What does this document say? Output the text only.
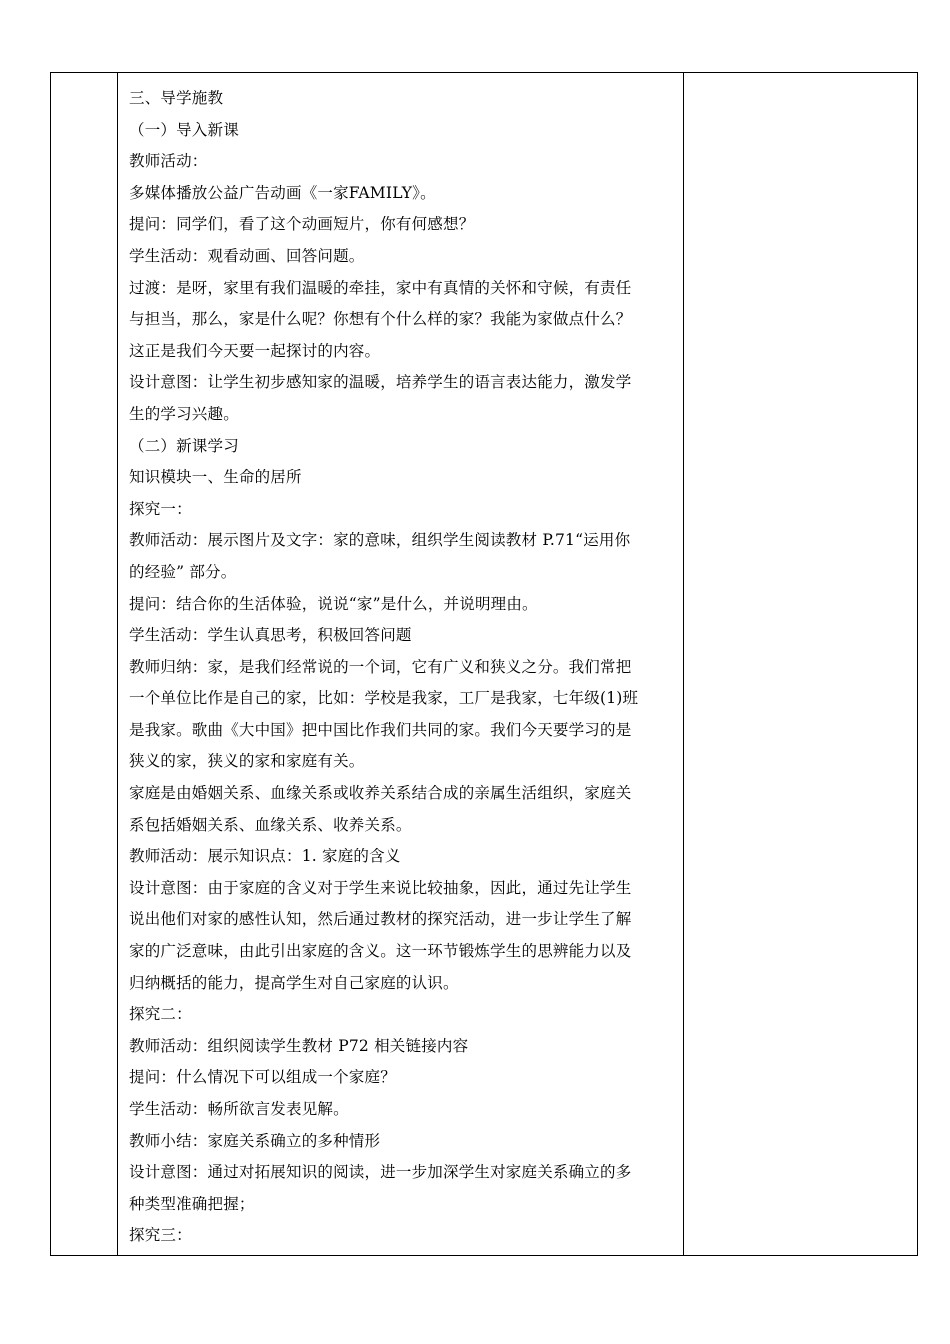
三、导学施教

（一）导入新课

教师活动：

多媒体播放公益广告动画《一家FAMILY》。

提问：同学们，看了这个动画短片，你有何感想？

学生活动：观看动画、回答问题。

过渡：是呀，家里有我们温暖的牵挂，家中有真情的关怀和守候，有责任

与担当，那么，家是什么呢？你想有个什么样的家？我能为家做点什么？

这正是我们今天要一起探讨的内容。

设计意图：让学生初步感知家的温暖，培养学生的语言表达能力，激发学

生的学习兴趣。

（二）新课学习

知识模块一、生命的居所

探究一：

教师活动：展示图片及文字：家的意味，组织学生阅读教材 P.71“运用你

的经验” 部分。

提问：结合你的生活体验，说说“家”是什么，并说明理由。

学生活动：学生认真思考，积极回答问题

教师归纳：家，是我们经常说的一个词，它有广义和狭义之分。我们常把

一个单位比作是自己的家，比如：学校是我家，工厂是我家，七年级(1)班

是我家。歌曲《大中国》把中国比作我们共同的家。我们今天要学习的是

狭义的家，狭义的家和家庭有关。

家庭是由婚姻关系、血缘关系或收养关系结合成的亲属生活组织，家庭关

系包括婚姻关系、血缘关系、收养关系。

教师活动：展示知识点：1. 家庭的含义

设计意图：由于家庭的含义对于学生来说比较抽象，因此，通过先让学生

说出他们对家的感性认知，然后通过教材的探究活动，进一步让学生了解

家的广泛意味，由此引出家庭的含义。这一环节锻炼学生的思辨能力以及

归纳概括的能力，提高学生对自己家庭的认识。

探究二：

教师活动：组织阅读学生教材 P72 相关链接内容

提问：什么情况下可以组成一个家庭？

学生活动：畅所欲言发表见解。

教师小结：家庭关系确立的多种情形

设计意图：通过对拓展知识的阅读，进一步加深学生对家庭关系确立的多

种类型准确把握；

探究三：
